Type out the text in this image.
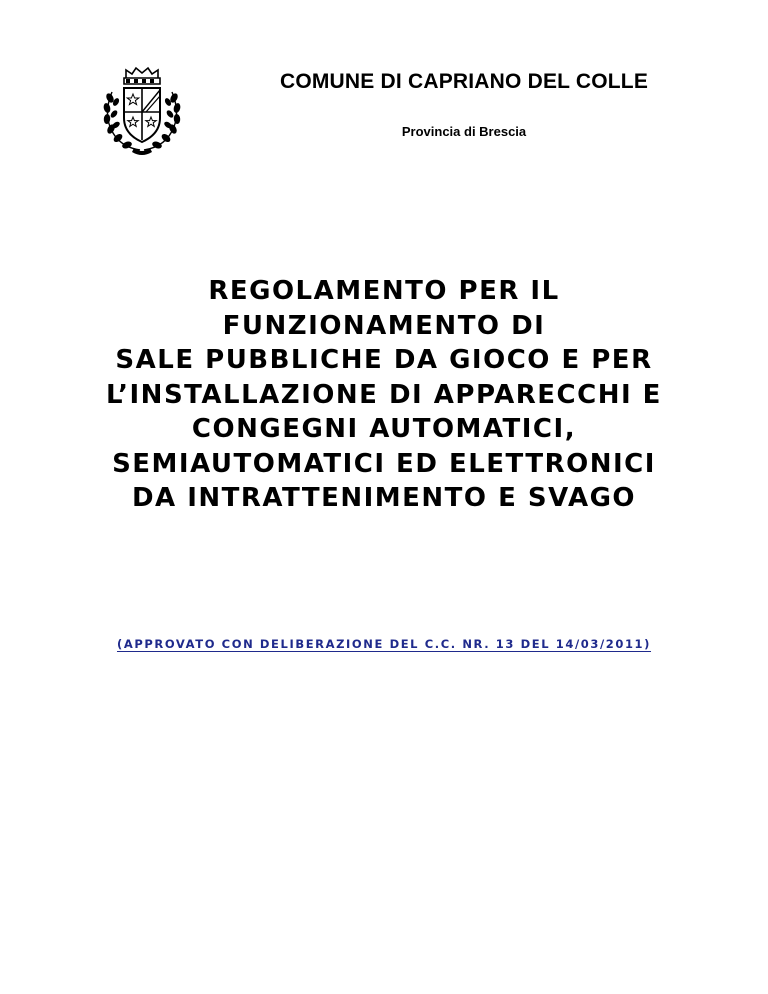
COMUNE DI CAPRIANO DEL COLLE
Provincia di Brescia
REGOLAMENTO PER IL
FUNZIONAMENTO DI
SALE PUBBLICHE DA GIOCO E PER
L’INSTALLAZIONE DI APPARECCHI E
CONGEGNI AUTOMATICI,
SEMIAUTOMATICI ED ELETTRONICI
DA INTRATTENIMENTO E SVAGO
(APPROVATO CON DELIBERAZIONE DEL C.C. NR. 13 DEL 14/03/2011)
